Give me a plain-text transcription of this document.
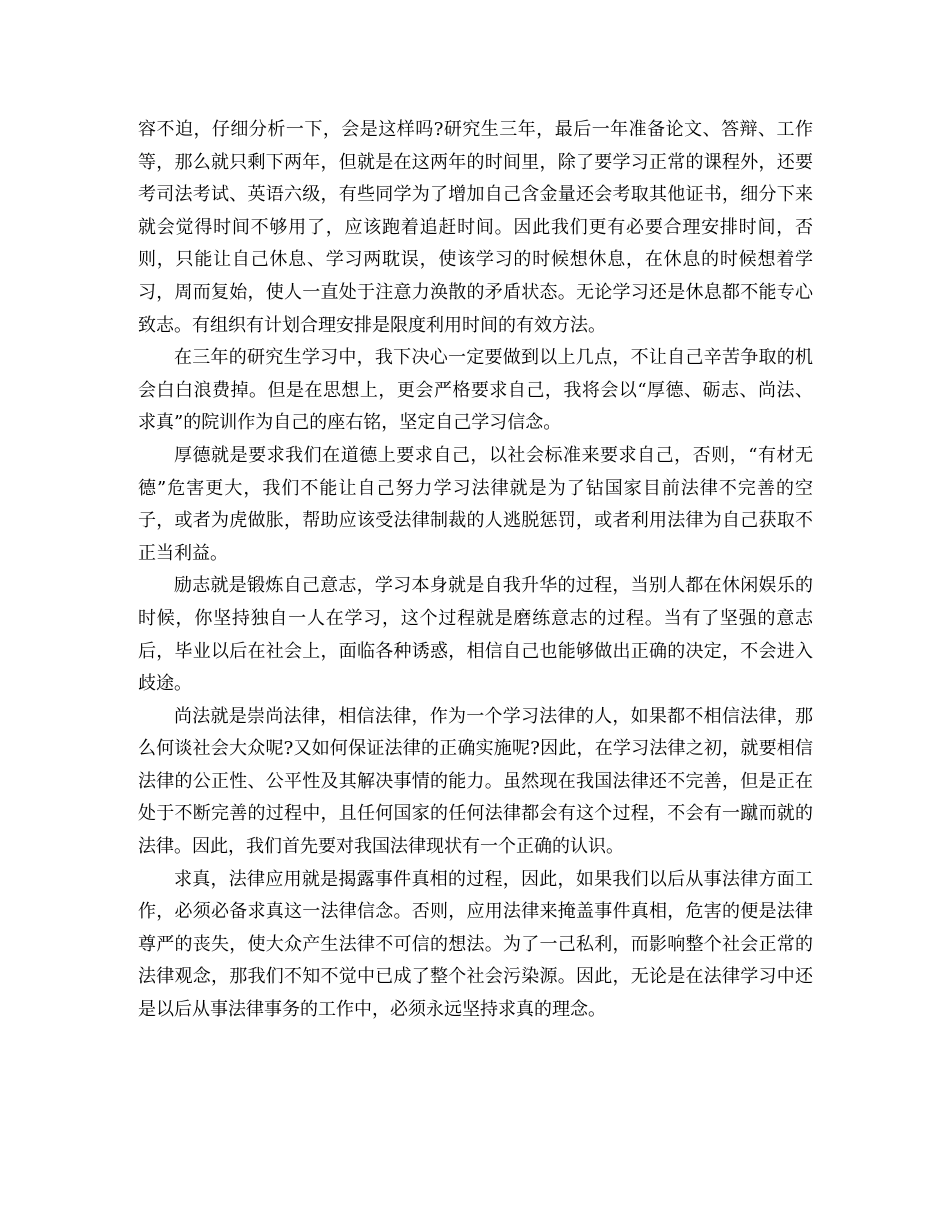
容不迫，仔细分析一下，会是这样吗?研究生三年，最后一年准备论文、答辩、工作等，那么就只剩下两年，但就是在这两年的时间里，除了要学习正常的课程外，还要考司法考试、英语六级，有些同学为了增加自己含金量还会考取其他证书，细分下来就会觉得时间不够用了，应该跑着追赶时间。因此我们更有必要合理安排时间，否则，只能让自己休息、学习两耽误，使该学习的时候想休息，在休息的时候想着学习，周而复始，使人一直处于注意力涣散的矛盾状态。无论学习还是休息都不能专心致志。有组织有计划合理安排是限度利用时间的有效方法。

在三年的研究生学习中，我下决心一定要做到以上几点，不让自己辛苦争取的机会白白浪费掉。但是在思想上，更会严格要求自己，我将会以“厚德、砺志、尚法、求真”的院训作为自己的座右铭，坚定自己学习信念。

厚德就是要求我们在道德上要求自己，以社会标准来要求自己，否则，“有材无德”危害更大，我们不能让自己努力学习法律就是为了钻国家目前法律不完善的空子，或者为虎做胀，帮助应该受法律制裁的人逃脱惩罚，或者利用法律为自己获取不正当利益。

励志就是锻炼自己意志，学习本身就是自我升华的过程，当别人都在休闲娱乐的时候，你坚持独自一人在学习，这个过程就是磨练意志的过程。当有了坚强的意志后，毕业以后在社会上，面临各种诱惑，相信自己也能够做出正确的决定，不会进入歧途。

尚法就是崇尚法律，相信法律，作为一个学习法律的人，如果都不相信法律，那么何谈社会大众呢?又如何保证法律的正确实施呢?因此，在学习法律之初，就要相信法律的公正性、公平性及其解决事情的能力。虽然现在我国法律还不完善，但是正在处于不断完善的过程中，且任何国家的任何法律都会有这个过程，不会有一蹴而就的法律。因此，我们首先要对我国法律现状有一个正确的认识。

求真，法律应用就是揭露事件真相的过程，因此，如果我们以后从事法律方面工作，必须必备求真这一法律信念。否则，应用法律来掩盖事件真相，危害的便是法律尊严的丧失，使大众产生法律不可信的想法。为了一己私利，而影响整个社会正常的法律观念，那我们不知不觉中已成了整个社会污染源。因此，无论是在法律学习中还是以后从事法律事务的工作中，必须永远坚持求真的理念。
